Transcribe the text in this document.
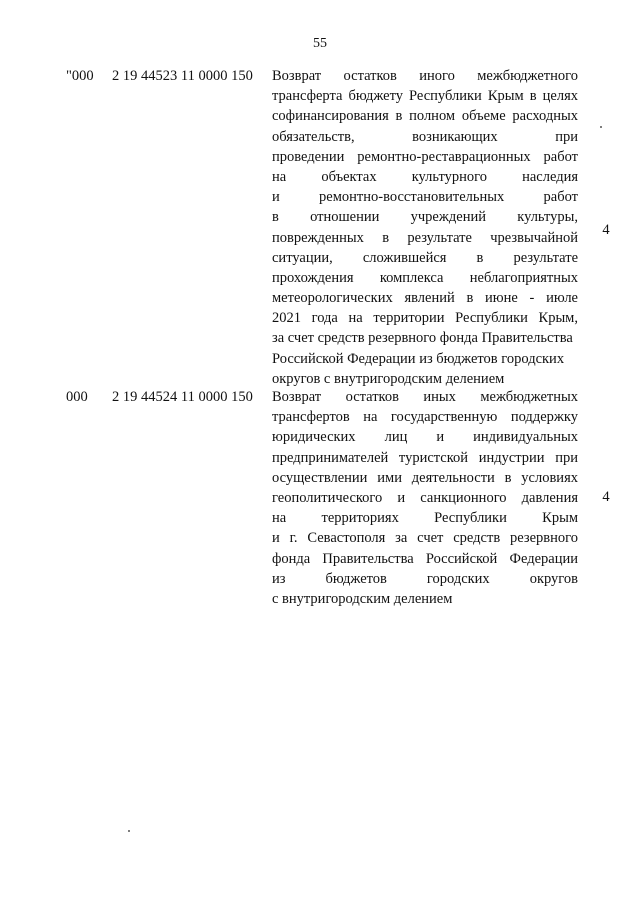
55
"000	2 19 44523 11 0000 150	Возврат остатков иного межбюджетного
трансферта бюджету Республики Крым в целях
софинансирования в полном объеме расходных
обязательств, возникающих при
проведении ремонтно-реставрационных работ
на объектах культурного наследия
и ремонтно-восстановительных работ
в отношении учреждений культуры,
поврежденных в результате чрезвычайной
ситуации, сложившейся в результате
прохождения комплекса неблагоприятных
метеорологических явлений в июне - июле
2021 года на территории Республики Крым,
за счет средств резервного фонда Правительства
Российской Федерации из бюджетов городских
округов с внутригородским делением
4
000	2 19 44524 11 0000 150	Возврат остатков иных межбюджетных
трансфертов на государственную поддержку
юридических лиц и индивидуальных
предпринимателей туристской индустрии при
осуществлении ими деятельности в условиях
геополитического и санкционного давления
на территориях Республики Крым
и г. Севастополя за счет средств резервного
фонда Правительства Российской Федерации
из бюджетов городских округов
с внутригородским делением
4
